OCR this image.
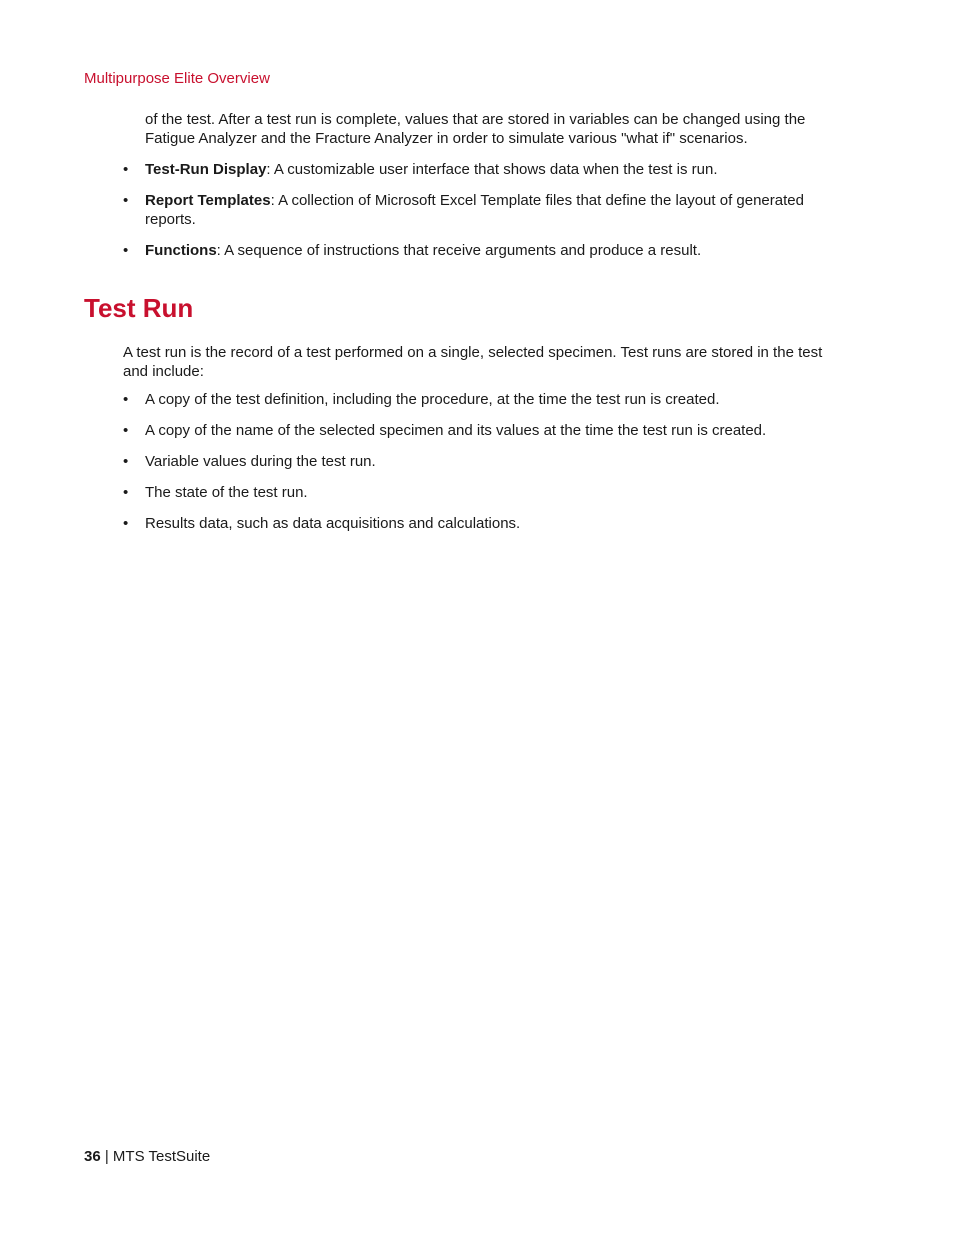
Multipurpose Elite Overview

of the test. After a test run is complete, values that are stored in variables can be changed using the Fatigue Analyzer and the Fracture Analyzer in order to simulate various "what if" scenarios.

• Test-Run Display: A customizable user interface that shows data when the test is run.
• Report Templates: A collection of Microsoft Excel Template files that define the layout of generated reports.
• Functions: A sequence of instructions that receive arguments and produce a result.
Test Run

A test run is the record of a test performed on a single, selected specimen. Test runs are stored in the test and include:

• A copy of the test definition, including the procedure, at the time the test run is created.
• A copy of the name of the selected specimen and its values at the time the test run is created.
• Variable values during the test run.
• The state of the test run.
• Results data, such as data acquisitions and calculations.

36 | MTS TestSuite
